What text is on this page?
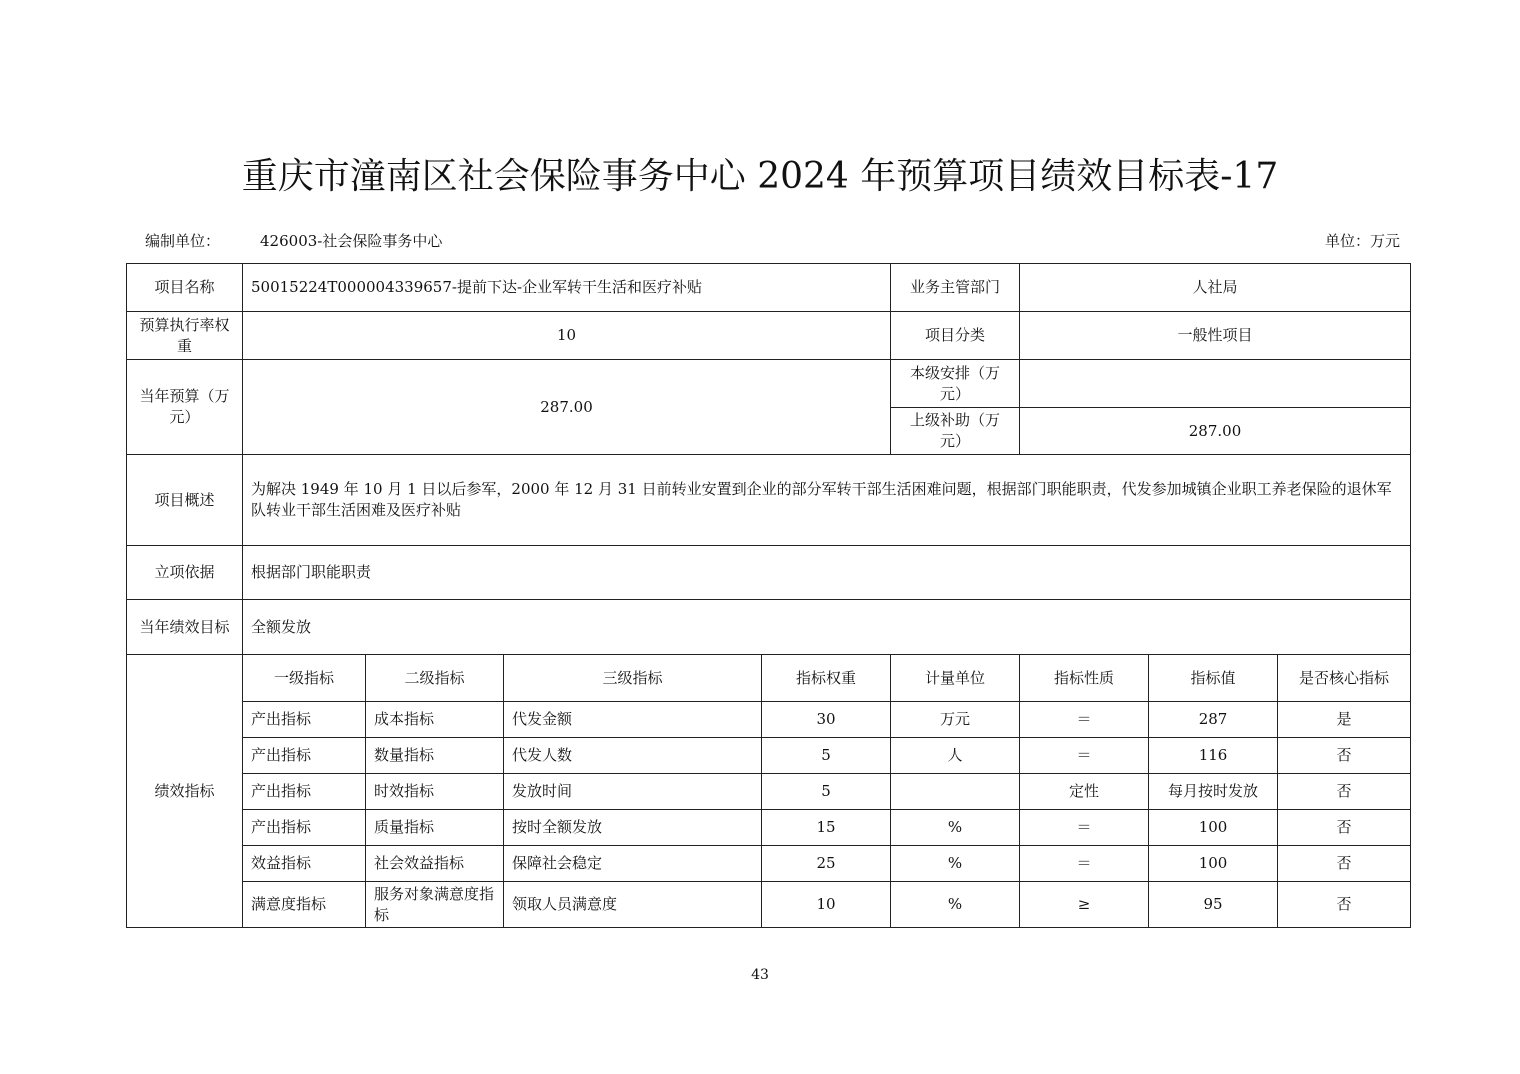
重庆市潼南区社会保险事务中心 2024 年预算项目绩效目标表-17
编制单位：	426003-社会保险事务中心	单位：万元
项目名称	50015224T000004339657-提前下达-企业军转干生活和医疗补贴				业务主管部门	人社局		
预算执行率权重	10				项目分类	一般性项目		
当年预算（万元）	287.00				本级安排（万元）			
					上级补助（万元）	287.00		
项目概述	为解决 1949 年 10 月 1 日以后参军，2000 年 12 月 31 日前转业安置到企业的部分军转干部生活困难问题，根据部门职能职责，代发参加城镇企业职工养老保险的退休军队转业干部生活困难及医疗补贴							
立项依据	根据部门职能职责							
当年绩效目标	全额发放							
绩效指标	一级指标	二级指标	三级指标	指标权重	计量单位	指标性质	指标值	是否核心指标
	产出指标	成本指标	代发金额	30	万元	＝	287	是
	产出指标	数量指标	代发人数	5	人	＝	116	否
	产出指标	时效指标	发放时间	5		定性	每月按时发放	否
	产出指标	质量指标	按时全额发放	15	%	＝	100	否
	效益指标	社会效益指标	保障社会稳定	25	%	＝	100	否
	满意度指标	服务对象满意度指标	领取人员满意度	10	%	≥	95	否
43
